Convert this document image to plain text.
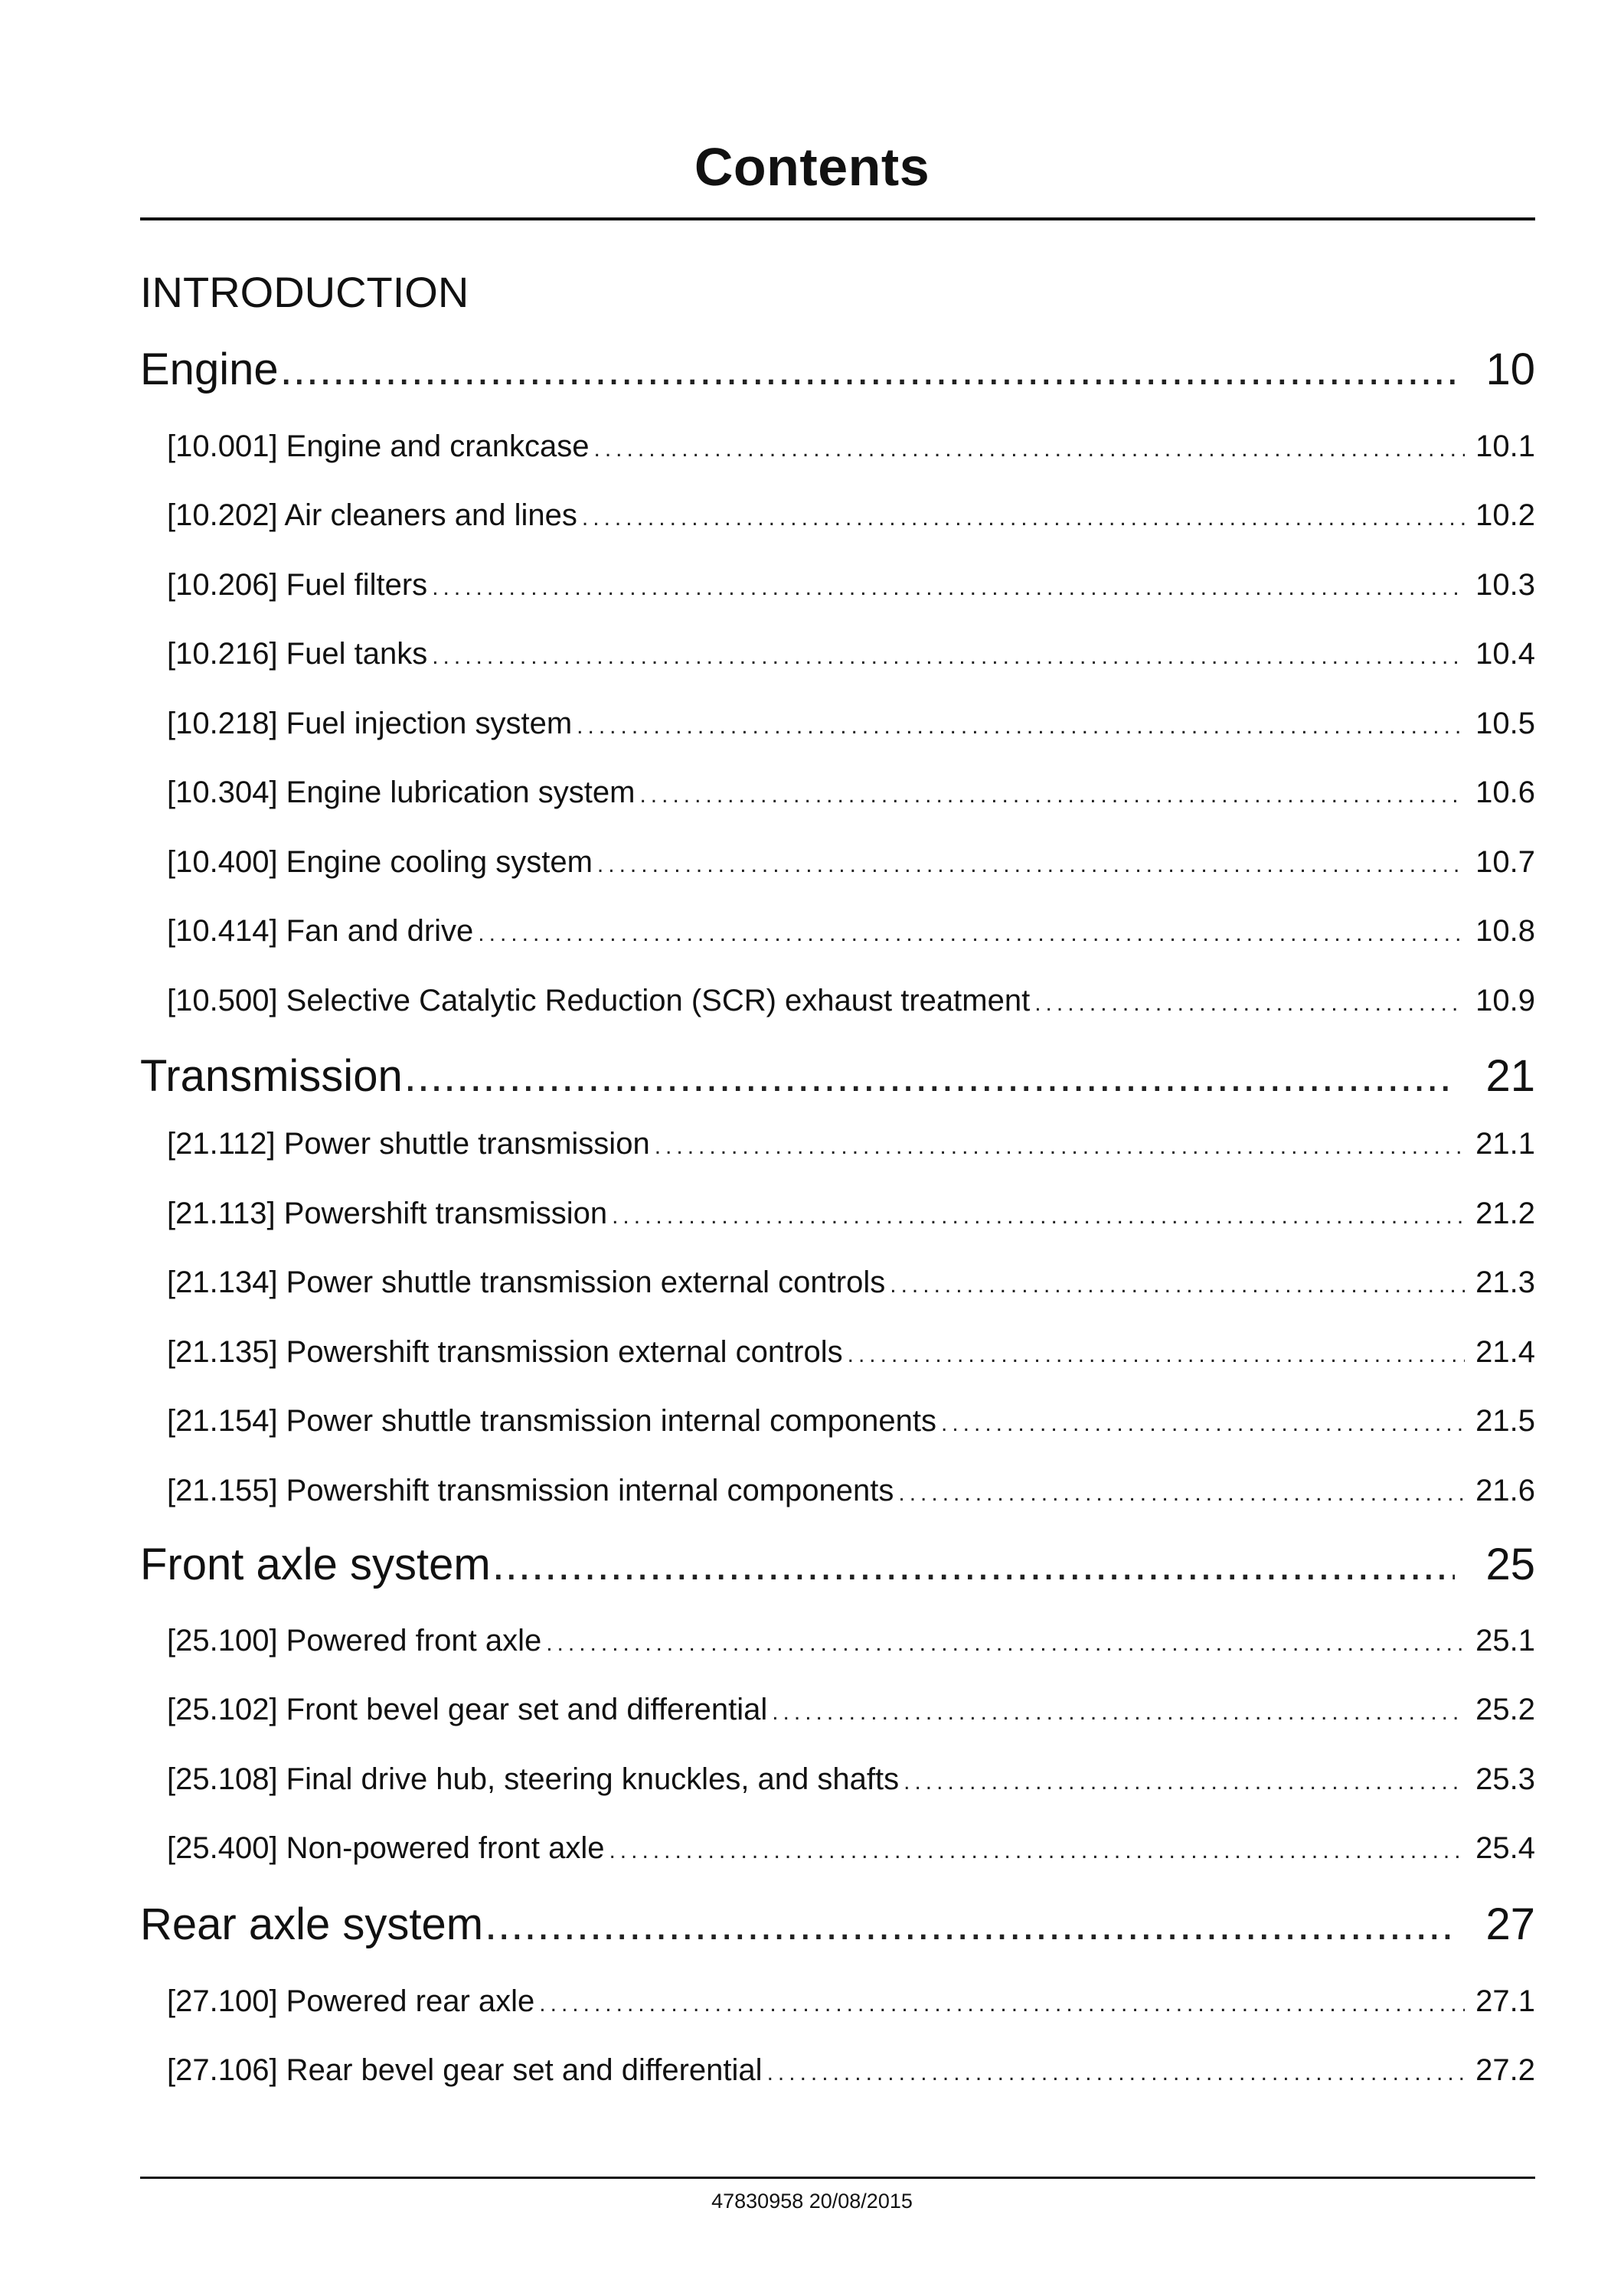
Contents
INTRODUCTION
Engine .....	10
[10.001] Engine and crankcase .....	10.1
[10.202] Air cleaners and lines .....	10.2
[10.206] Fuel filters .....	10.3
[10.216] Fuel tanks .....	10.4
[10.218] Fuel injection system .....	10.5
[10.304] Engine lubrication system .....	10.6
[10.400] Engine cooling system .....	10.7
[10.414] Fan and drive .....	10.8
[10.500] Selective Catalytic Reduction (SCR) exhaust treatment .....	10.9
Transmission .....	21
[21.112] Power shuttle transmission .....	21.1
[21.113] Powershift transmission .....	21.2
[21.134] Power shuttle transmission external controls .....	21.3
[21.135] Powershift transmission external controls .....	21.4
[21.154] Power shuttle transmission internal components .....	21.5
[21.155] Powershift transmission internal components .....	21.6
Front axle system .....	25
[25.100] Powered front axle .....	25.1
[25.102] Front bevel gear set and differential .....	25.2
[25.108] Final drive hub, steering knuckles, and shafts .....	25.3
[25.400] Non-powered front axle .....	25.4
Rear axle system .....	27
[27.100] Powered rear axle .....	27.1
[27.106] Rear bevel gear set and differential .....	27.2
47830958 20/08/2015
